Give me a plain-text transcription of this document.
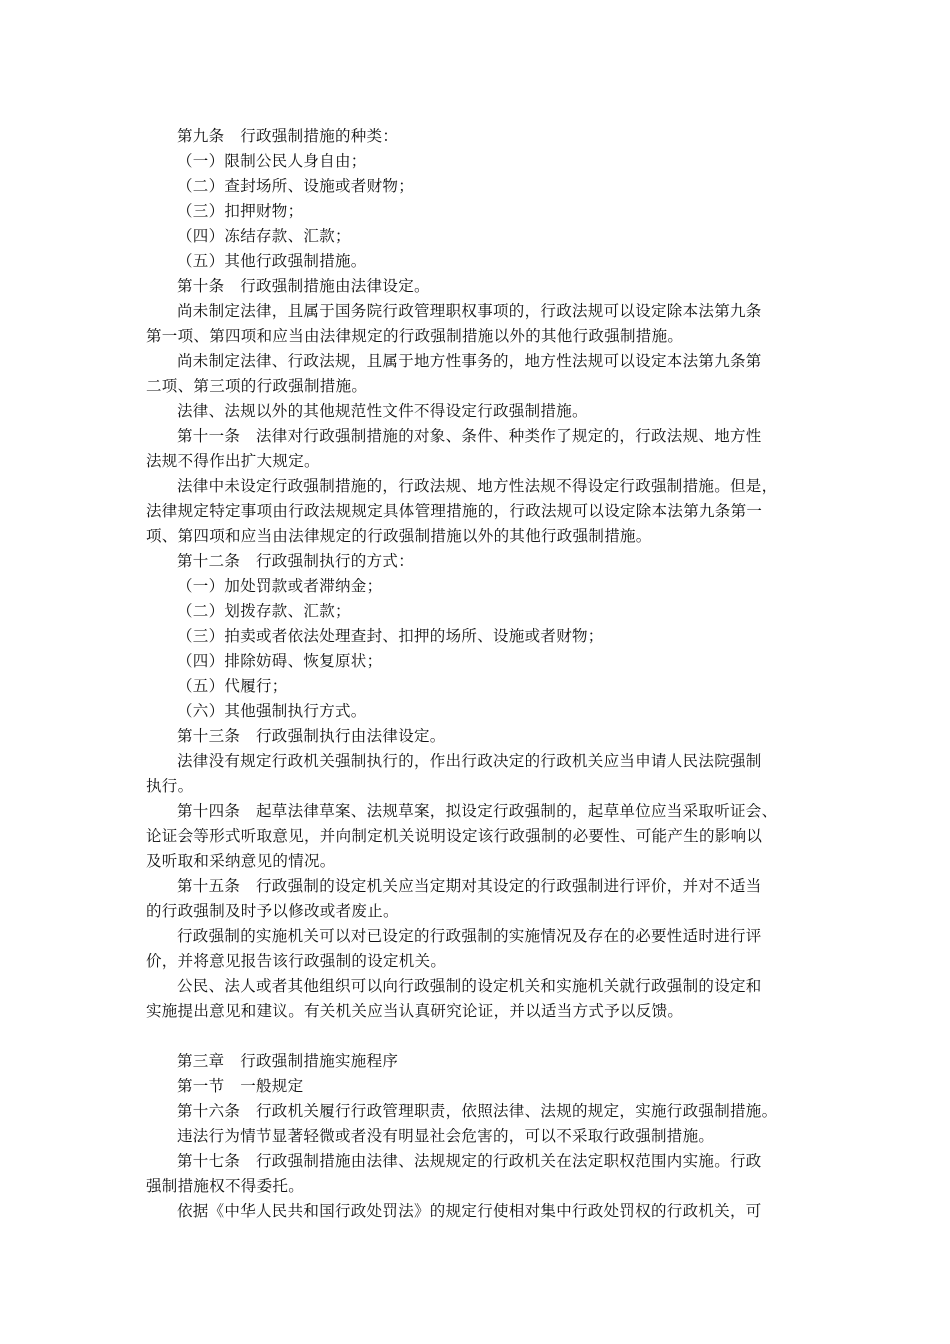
第九条　行政强制措施的种类：
（一）限制公民人身自由；
（二）查封场所、设施或者财物；
（三）扣押财物；
（四）冻结存款、汇款；
（五）其他行政强制措施。
第十条　行政强制措施由法律设定。
尚未制定法律，且属于国务院行政管理职权事项的，行政法规可以设定除本法第九条
第一项、第四项和应当由法律规定的行政强制措施以外的其他行政强制措施。
尚未制定法律、行政法规，且属于地方性事务的，地方性法规可以设定本法第九条第
二项、第三项的行政强制措施。
法律、法规以外的其他规范性文件不得设定行政强制措施。
第十一条　法律对行政强制措施的对象、条件、种类作了规定的，行政法规、地方性
法规不得作出扩大规定。
法律中未设定行政强制措施的，行政法规、地方性法规不得设定行政强制措施。但是，
法律规定特定事项由行政法规规定具体管理措施的，行政法规可以设定除本法第九条第一
项、第四项和应当由法律规定的行政强制措施以外的其他行政强制措施。
第十二条　行政强制执行的方式：
（一）加处罚款或者滞纳金；
（二）划拨存款、汇款；
（三）拍卖或者依法处理查封、扣押的场所、设施或者财物；
（四）排除妨碍、恢复原状；
（五）代履行；
（六）其他强制执行方式。
第十三条　行政强制执行由法律设定。
法律没有规定行政机关强制执行的，作出行政决定的行政机关应当申请人民法院强制
执行。
第十四条　起草法律草案、法规草案，拟设定行政强制的，起草单位应当采取听证会、
论证会等形式听取意见，并向制定机关说明设定该行政强制的必要性、可能产生的影响以
及听取和采纳意见的情况。
第十五条　行政强制的设定机关应当定期对其设定的行政强制进行评价，并对不适当
的行政强制及时予以修改或者废止。
行政强制的实施机关可以对已设定的行政强制的实施情况及存在的必要性适时进行评
价，并将意见报告该行政强制的设定机关。
公民、法人或者其他组织可以向行政强制的设定机关和实施机关就行政强制的设定和
实施提出意见和建议。有关机关应当认真研究论证，并以适当方式予以反馈。
第三章　行政强制措施实施程序
第一节　一般规定
第十六条　行政机关履行行政管理职责，依照法律、法规的规定，实施行政强制措施。
违法行为情节显著轻微或者没有明显社会危害的，可以不采取行政强制措施。
第十七条　行政强制措施由法律、法规规定的行政机关在法定职权范围内实施。行政
强制措施权不得委托。
依据《中华人民共和国行政处罚法》的规定行使相对集中行政处罚权的行政机关，可
